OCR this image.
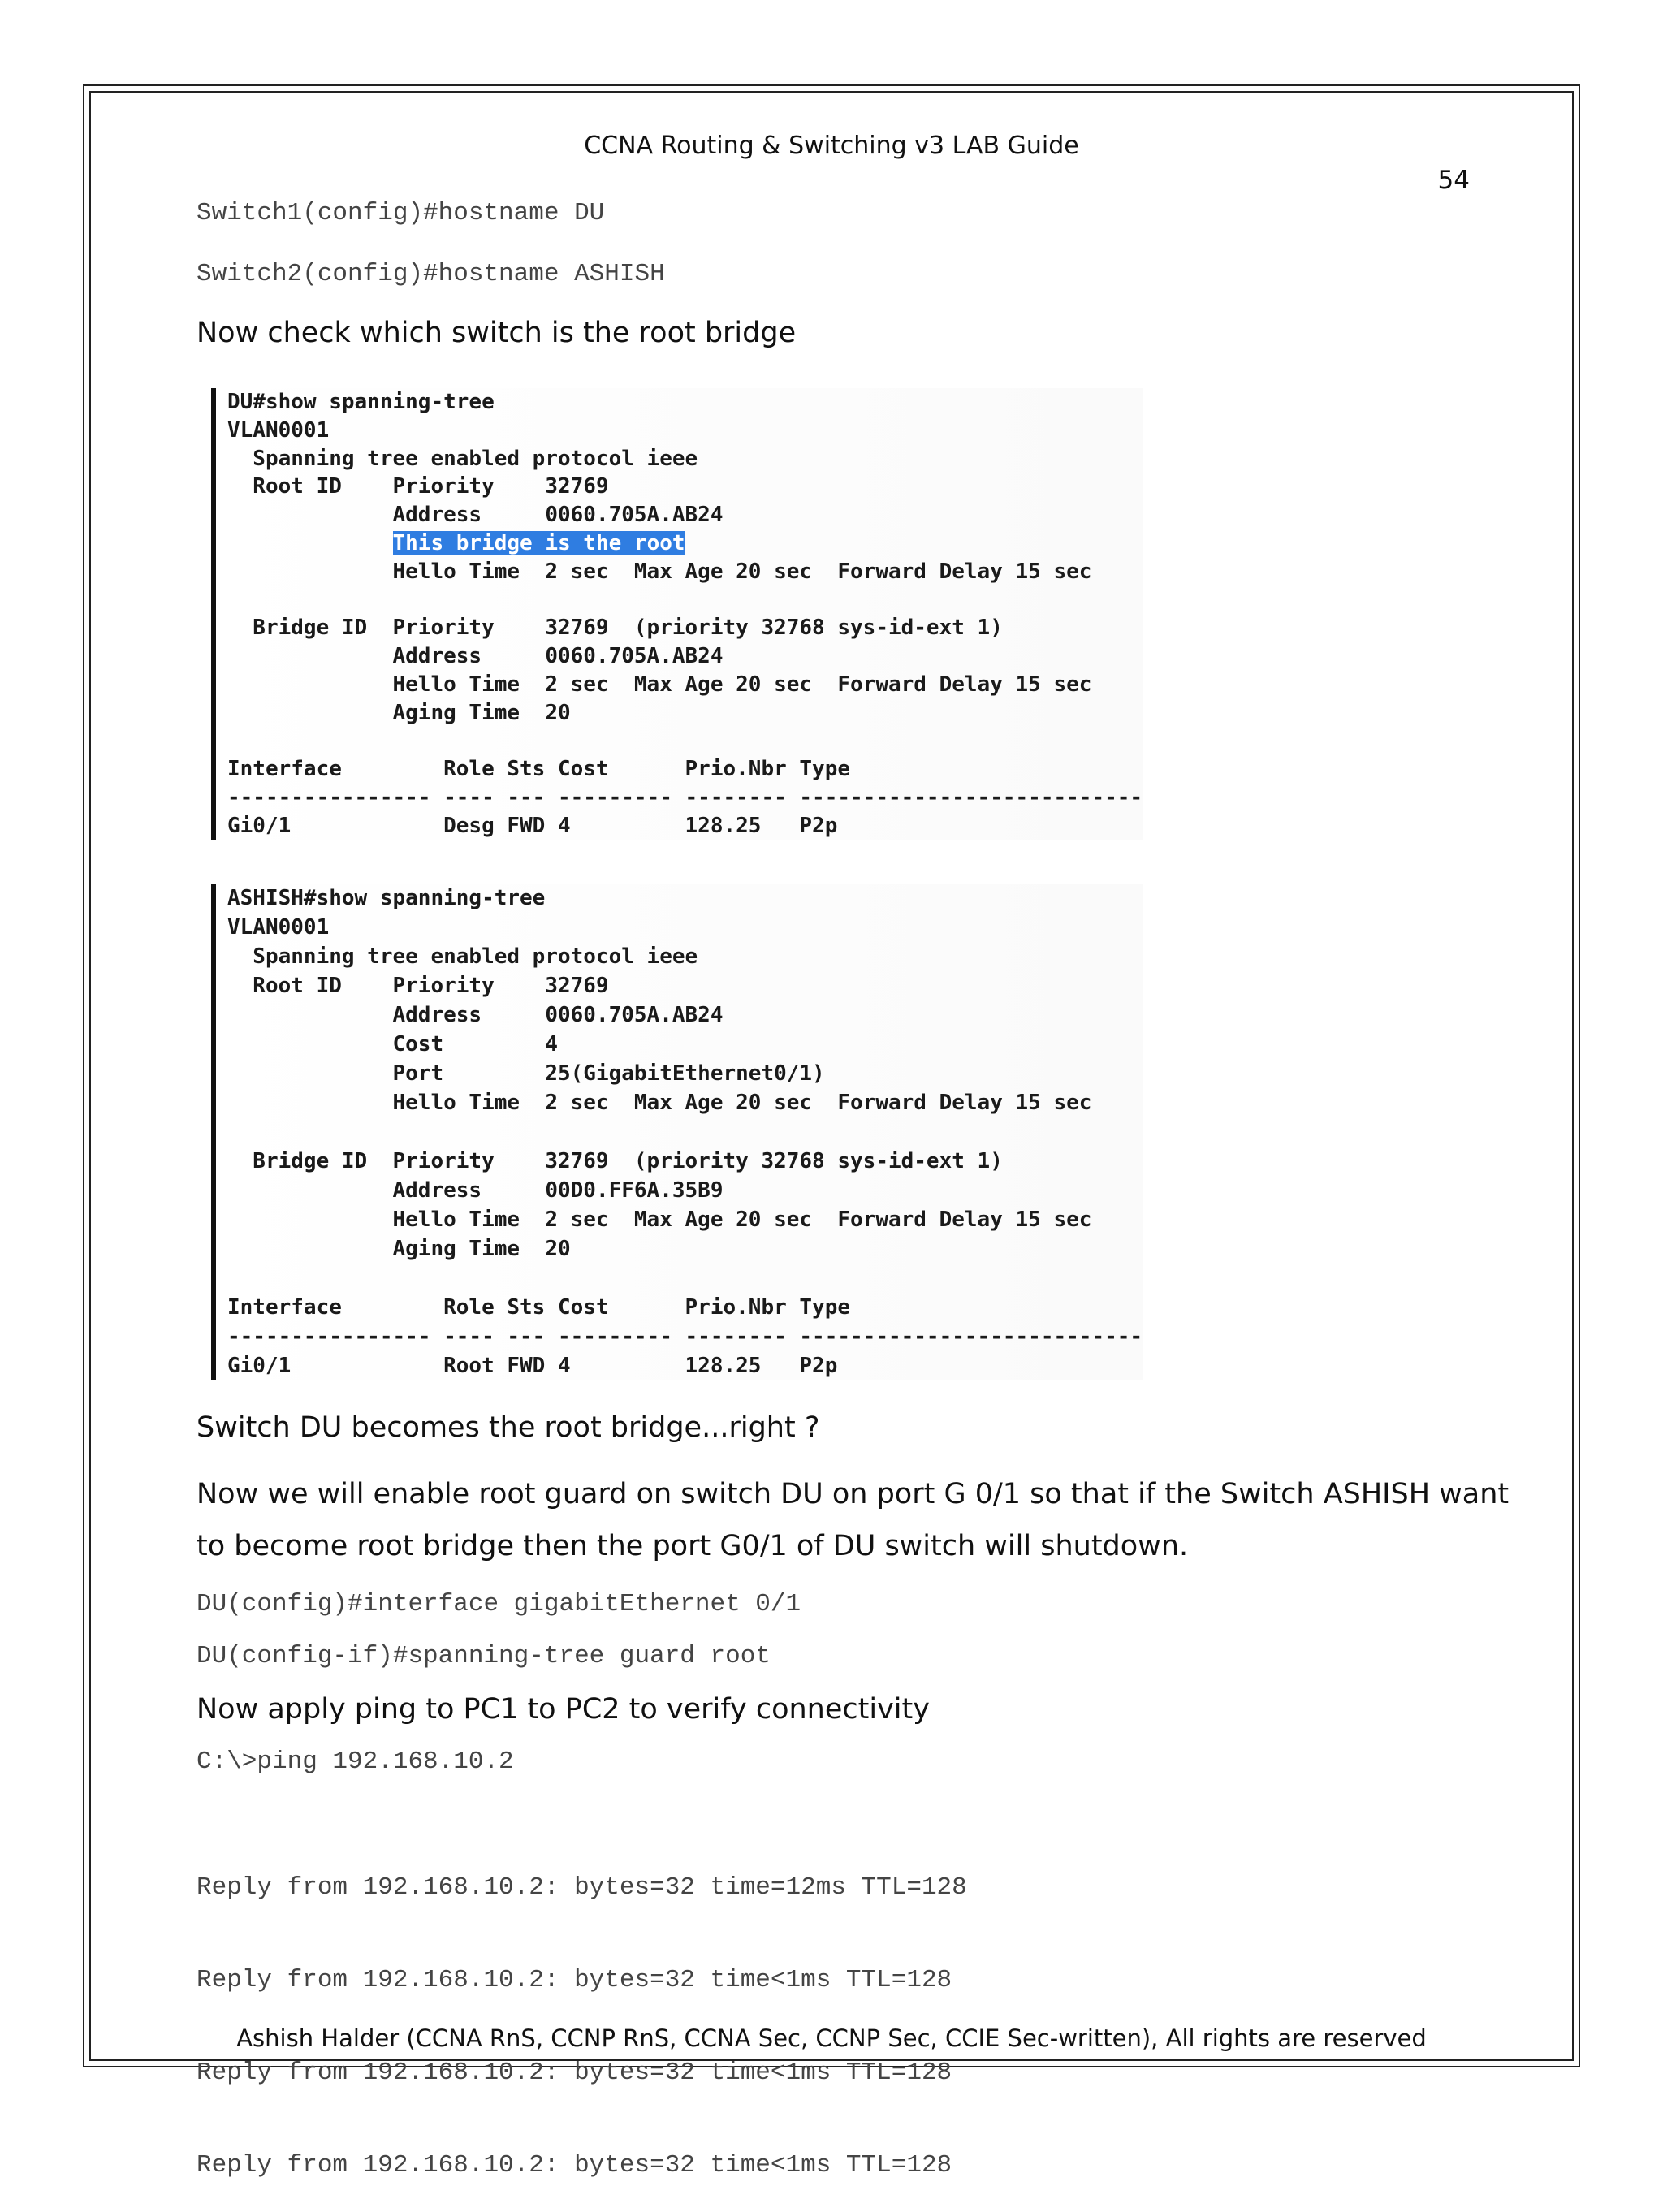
CCNA Routing & Switching v3 LAB Guide
54
Switch1(config)#hostname DU
Switch2(config)#hostname ASHISH
Now check which switch is the root bridge
DU#show spanning-tree
VLAN0001
Spanning tree enabled protocol ieee
Root ID    Priority    32769
Address     0060.705A.AB24
This bridge is the root
Hello Time  2 sec  Max Age 20 sec  Forward Delay 15 sec
Bridge ID  Priority    32769  (priority 32768 sys-id-ext 1)
Address     0060.705A.AB24
Hello Time  2 sec  Max Age 20 sec  Forward Delay 15 sec
Aging Time  20
Interface        Role Sts Cost      Prio.Nbr Type
---------------- ---- --- --------- -------- ---------------------------
Gi0/1            Desg FWD 4         128.25   P2p
ASHISH#show spanning-tree
VLAN0001
Spanning tree enabled protocol ieee
Root ID    Priority    32769
Address     0060.705A.AB24
Cost        4
Port        25(GigabitEthernet0/1)
Hello Time  2 sec  Max Age 20 sec  Forward Delay 15 sec
Bridge ID  Priority    32769  (priority 32768 sys-id-ext 1)
Address     00D0.FF6A.35B9
Hello Time  2 sec  Max Age 20 sec  Forward Delay 15 sec
Aging Time  20
Interface        Role Sts Cost      Prio.Nbr Type
---------------- ---- --- --------- -------- ---------------------------
Gi0/1            Root FWD 4         128.25   P2p
Switch DU becomes the root bridge...right ?
Now we will enable root guard on switch DU on port G 0/1 so that if the Switch ASHISH want
to become root bridge then the port G0/1 of DU switch will shutdown.
DU(config)#interface gigabitEthernet 0/1
DU(config-if)#spanning-tree guard root
Now apply ping to PC1 to PC2 to verify connectivity
C:\>ping 192.168.10.2

Reply from 192.168.10.2: bytes=32 time=12ms TTL=128

Reply from 192.168.10.2: bytes=32 time<1ms TTL=128

Reply from 192.168.10.2: bytes=32 time<1ms TTL=128

Reply from 192.168.10.2: bytes=32 time<1ms TTL=128

Ashish Halder (CCNA RnS, CCNP RnS, CCNA Sec, CCNP Sec, CCIE Sec-written), All rights are reserved
